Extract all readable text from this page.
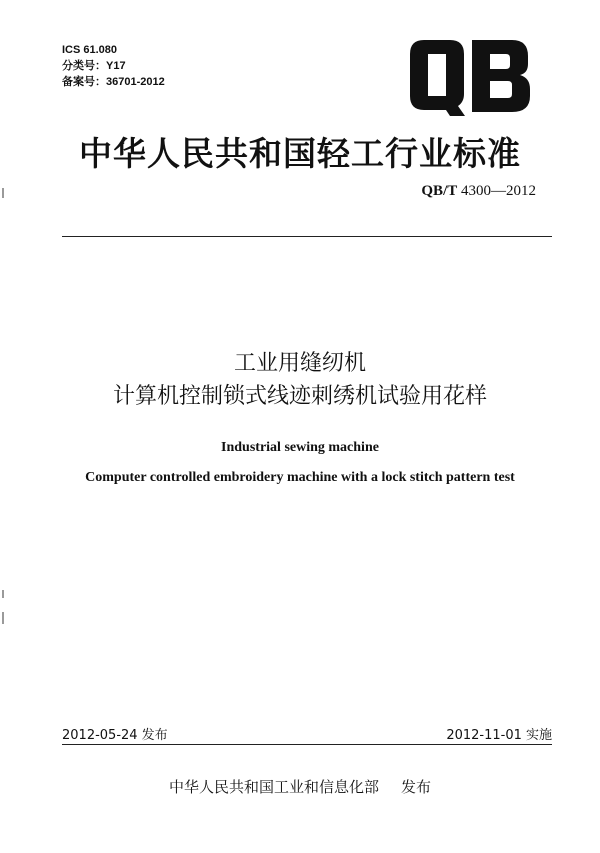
ICS 61.080
分类号：Y17
备案号：36701-2012
中华人民共和国轻工行业标准
QB/T 4300—2012
工业用缝纫机
计算机控制锁式线迹刺绣机试验用花样
Industrial sewing machine
Computer controlled embroidery machine with a lock stitch pattern test
2012-05-24 发布	2012-11-01 实施
中华人民共和国工业和信息化部 发布
